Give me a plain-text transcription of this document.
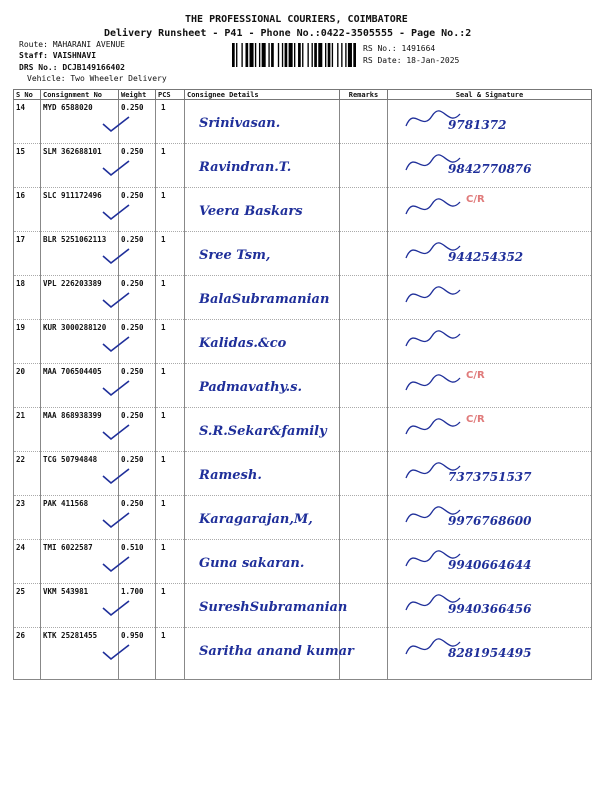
THE PROFESSIONAL COURIERS, COIMBATORE
Delivery Runsheet - P41 - Phone No.:0422-3505555 - Page No.:2
Route: MAHARANI AVENUE
Staff: VAISHNAVI
DRS No.: DCJB149166402
Vehicle: Two Wheeler Delivery
RS No.: 1491664
RS Date: 18-Jan-2025
S No	Consignment No	Weight	PCS	Consignee Details	Remarks	Seal & Signature
14	MYD 6588020	0.250	1	Srinivasan.		9781372

15	SLM 362688101	0.250	1	Ravindran.T.		9842770876

16	SLC 911172496	0.250	1	Veera Baskars		C/R

17	BLR 5251062113	0.250	1	Sree Tsm,		944254352

18	VPL 226203389	0.250	1	BalaSubramanian

19	KUR 3000288120	0.250	1	Kalidas.&co

20	MAA 706504405	0.250	1	Padmavathy.s.		C/R

21	MAA 868938399	0.250	1	S.R.Sekar&family		C/R

22	TCG 50794848	0.250	1	Ramesh.		7373751537

23	PAK 411568	0.250	1	Karagarajan,M,		9976768600

24	TMI 6022587	0.510	1	Guna sakaran.		9940664644

25	VKM 543981	1.700	1	SureshSubramanian		9940366456

26	KTK 25281455	0.950	1	Saritha anand kumar		8281954495
